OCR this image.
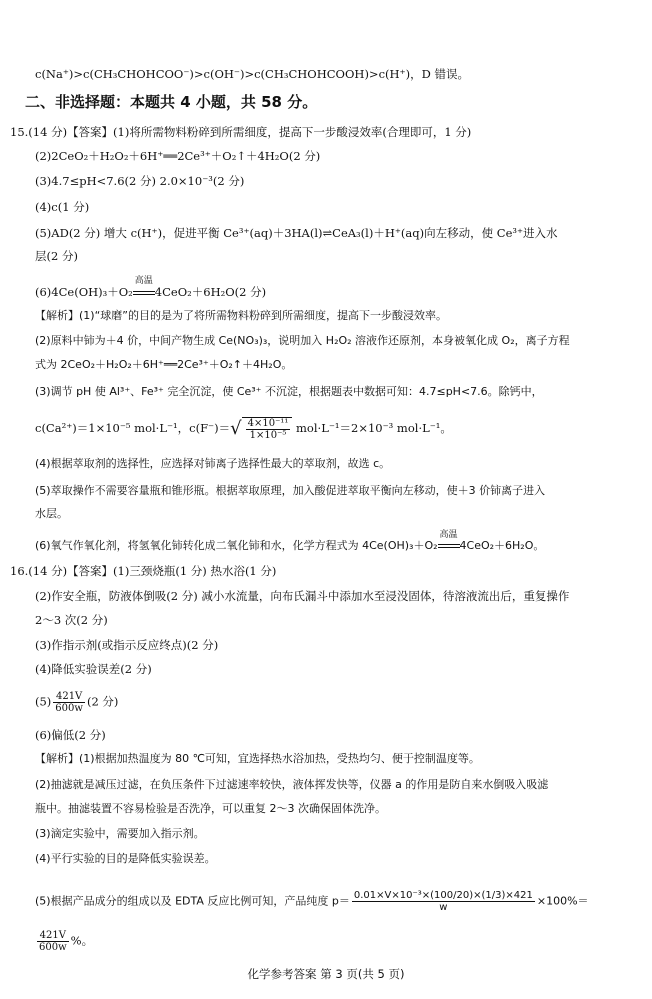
c(Na⁺)>c(CH₃CHOHCOO⁻)>c(OH⁻)>c(CH₃CHOHCOOH)>c(H⁺)，D 错误。
二、非选择题：本题共 4 小题，共 58 分。
15.(14 分)【答案】(1)将所需物料粉碎到所需细度，提高下一步酸浸效率(合理即可，1 分)
(2)2CeO₂＋H₂O₂＋6H⁺══2Ce³⁺＋O₂↑＋4H₂O(2 分)
(3)4.7≤pH<7.6(2 分) 2.0×10⁻³(2 分)
(4)c(1 分)
(5)AD(2 分) 增大 c(H⁺)，促进平衡 Ce³⁺(aq)＋3HA(l)⇌CeA₃(l)＋H⁺(aq)向左移动，使 Ce³⁺进入水
层(2 分)
(6)4Ce(OH)₃＋O₂
高温
4CeO₂＋6H₂O(2 分)
【解析】(1)“球磨”的目的是为了将所需物料粉碎到所需细度，提高下一步酸浸效率。
(2)原料中铈为＋4 价，中间产物生成 Ce(NO₃)₃，说明加入 H₂O₂ 溶液作还原剂，本身被氧化成 O₂，离子方程
式为 2CeO₂＋H₂O₂＋6H⁺══2Ce³⁺＋O₂↑＋4H₂O。
(3)调节 pH 使 Al³⁺、Fe³⁺ 完全沉淀，使 Ce³⁺ 不沉淀，根据题表中数据可知：4.7≤pH<7.6。除钙中，
c(Ca²⁺)＝1×10⁻⁵ mol·L⁻¹，$c(F^-)=√ \frac{\text{4×10⁻¹¹}}{\text{1×10⁻⁵}} mol\cdot L^{-1}=2\times 10^{-3}$ mol·L⁻¹。
(4)根据萃取剂的选择性，应选择对铈离子选择性最大的萃取剂，故选 c。
(5)萃取操作不需要容量瓶和锥形瓶。根据萃取原理，加入酸促进萃取平衡向左移动，使＋3 价铈离子进入
水层。
(6)氧气作氧化剂，将氢氧化铈转化成二氧化铈和水，化学方程式为 4Ce(OH)₃＋O₂
高温
4CeO₂＋6H₂O。
16.(14 分)【答案】(1)三颈烧瓶(1 分) 热水浴(1 分)
(2)作安全瓶，防液体倒吸(2 分) 减小水流量，向布氏漏斗中添加水至浸没固体，待溶液流出后，重复操作
2～3 次(2 分)
(3)作指示剂(或指示反应终点)(2 分)
(4)降低实验误差(2 分)
$(5) \frac{421V}{600w} (2$ 分)
(6)偏低(2 分)
【解析】(1)根据加热温度为 80 ℃可知，宜选择热水浴加热，受热均匀、便于控制温度等。
(2)抽滤就是减压过滤，在负压条件下过滤速率较快，液体挥发快等，仪器 a 的作用是防自来水倒吸入吸滤
瓶中。抽滤装置不容易检验是否洗净，可以重复 2～3 次确保固体洗净。
(3)滴定实验中，需要加入指示剂。
(4)平行实验的目的是降低实验误差。
(5)根据产品成分的组成以及 EDTA 反应比例可知，产品纯度 $p= \frac{\text{0.01×V×10⁻³×(100/20)×(1/3)×421}}{w} \times 100\%=$
$\frac{421V}{600w}$ %。
化学参考答案 第 3 页(共 5 页)
